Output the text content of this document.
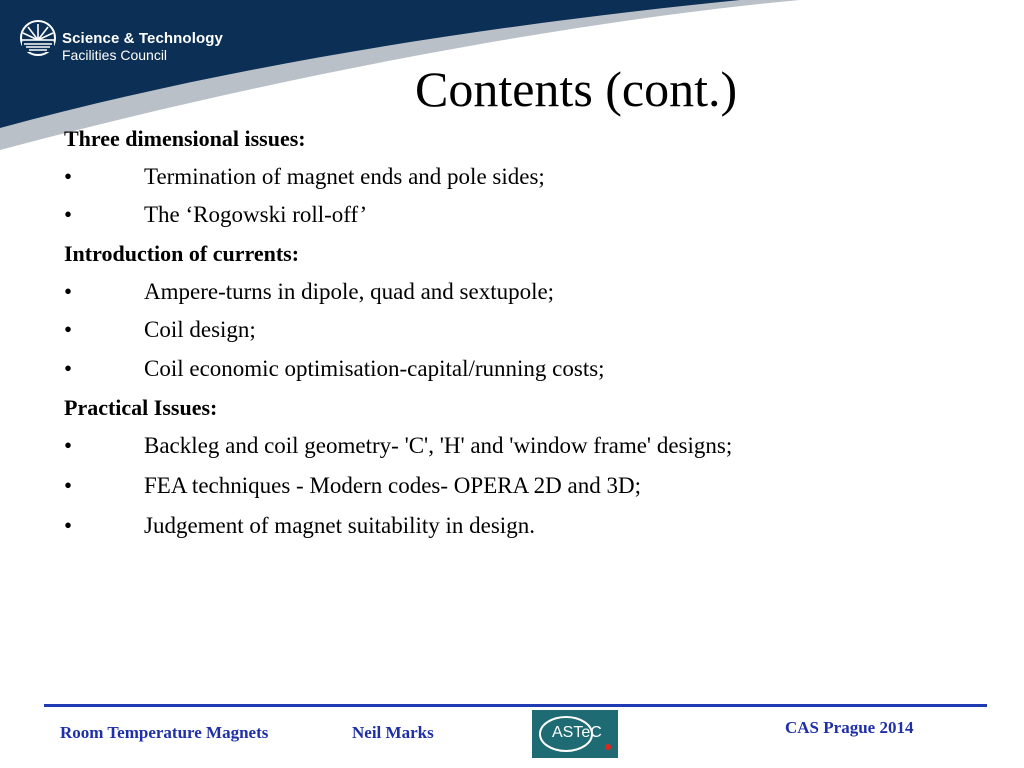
Science & Technology
Facilities Council
Contents (cont.)
Three dimensional issues:
•	Termination of magnet ends and pole sides;
•	The ‘Rogowski roll-off’
Introduction of currents:
•	Ampere-turns in dipole, quad and sextupole;
•	Coil design;
•	Coil economic optimisation-capital/running costs;
Practical Issues:
•	Backleg and coil geometry- 'C', 'H' and 'window frame' designs;
•	FEA techniques - Modern codes- OPERA 2D and 3D;
•	Judgement of magnet suitability in design.
Room Temperature Magnets	Neil Marks	ASTeC	CAS Prague 2014
